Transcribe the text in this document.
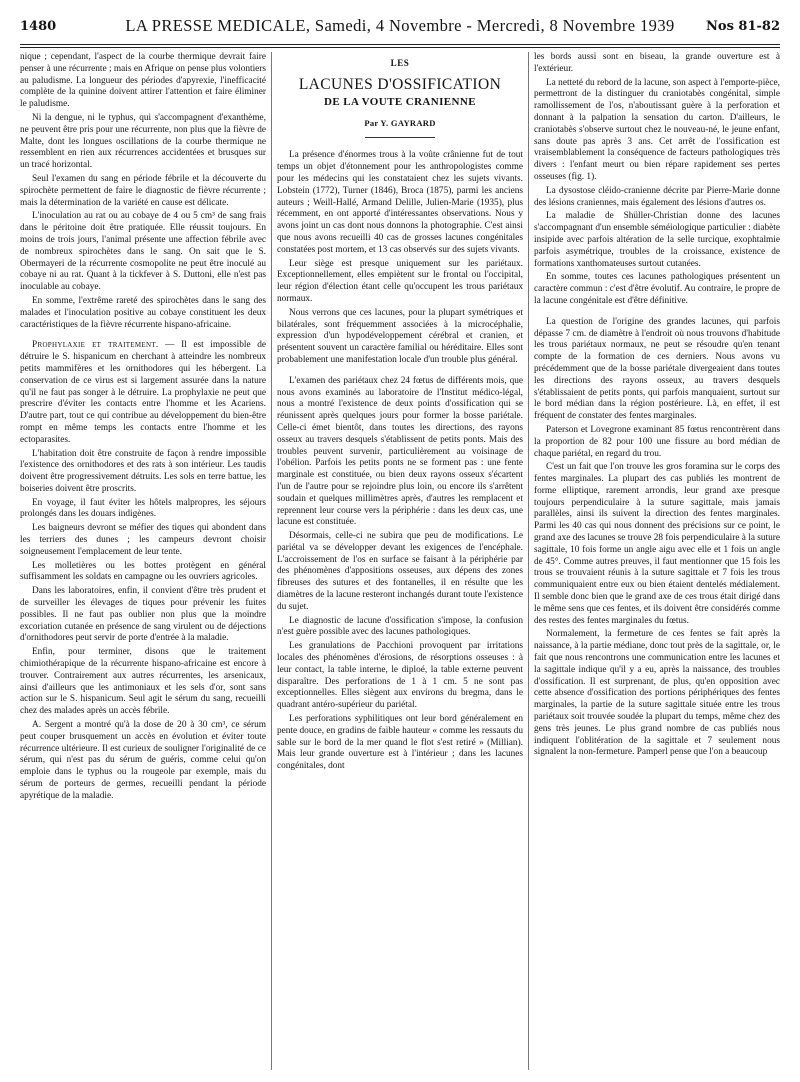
1480	LA PRESSE MEDICALE, Samedi, 4 Novembre - Mercredi, 8 Novembre 1939	Nos 81-82

nique ; cependant, l'aspect de la courbe thermique devrait faire penser à une récurrente ; mais en Afrique on pense plus volontiers au paludisme. La longueur des périodes d'apyrexie, l'inefficacité complète de la quinine doivent attirer l'attention et faire éliminer le paludisme.

Ni la dengue, ni le typhus, qui s'accompagnent d'exanthème, ne peuvent être pris pour une récurrente, non plus que la fièvre de Malte, dont les longues oscillations de la courbe thermique ne ressemblent en rien aux récurrences accidentées et brusques sur un tracé horizontal.

Seul l'examen du sang en période fébrile et la découverte du spirochète permettent de faire le diagnostic de fièvre récurrente ; mais la détermination de la variété en cause est délicate.

L'inoculation au rat ou au cobaye de 4 ou 5 cm³ de sang frais dans le péritoine doit être pratiquée. Elle réussit toujours. En moins de trois jours, l'animal présente une affection fébrile avec de nombreux spirochètes dans le sang. On sait que le S. Obermayeri de la récurrente cosmopolite ne peut être inoculé au cobaye ni au rat. Quant à la tickfever à S. Duttoni, elle n'est pas inoculable au cobaye.

En somme, l'extrême rareté des spirochètes dans le sang des malades et l'inoculation positive au cobaye constituent les deux caractéristiques de la fièvre récurrente hispano-africaine.

Prophylaxie et traitement. — Il est impossible de détruire le S. hispanicum en cherchant à atteindre les nombreux petits mammifères et les ornithodores qui les hébergent. La conservation de ce virus est si largement assurée dans la nature qu'il ne faut pas songer à le détruire. La prophylaxie ne peut que prescrire d'éviter les contacts entre l'homme et les Acariens. D'autre part, tout ce qui contribue au développement du bien-être rompt en même temps les contacts entre l'homme et les ectoparasites.

L'habitation doit être construite de façon à rendre impossible l'existence des ornithodores et des rats à son intérieur. Les taudis doivent être progressivement détruits. Les sols en terre battue, les boiseries doivent être proscrits.

En voyage, il faut éviter les hôtels malpropres, les séjours prolongés dans les douars indigènes.

Les baigneurs devront se méfier des tiques qui abondent dans les terriers des dunes ; les campeurs devront choisir soigneusement l'emplacement de leur tente.

Les molletières ou les bottes protègent en général suffisamment les soldats en campagne ou les ouvriers agricoles.

Dans les laboratoires, enfin, il convient d'être très prudent et de surveiller les élevages de tiques pour prévenir les fuites possibles. Il ne faut pas oublier non plus que la moindre excoriation cutanée en présence de sang virulent ou de déjections d'ornithodores peut servir de porte d'entrée à la maladie.

Enfin, pour terminer, disons que le traitement chimiothérapique de la récurrente hispano-africaine est encore à trouver. Contrairement aux autres récurrentes, les arsenicaux, ainsi d'ailleurs que les antimoniaux et les sels d'or, sont sans action sur le S. hispanicum. Seul agit le sérum du sang, recueilli chez des malades après un accès fébrile.

A. Sergent a montré qu'à la dose de 20 à 30 cm³, ce sérum peut couper brusquement un accès en évolution et éviter toute récurrence ultérieure. Il est curieux de souligner l'originalité de ce sérum, qui n'est pas du sérum de guéris, comme celui qu'on emploie dans le typhus ou la rougeole par exemple, mais du sérum de porteurs de germes, recueilli pendant la période apyrétique de la maladie.

LES
LACUNES D'OSSIFICATION
DE LA VOUTE CRANIENNE
Par Y. GAYRARD

La présence d'énormes trous à la voûte crânienne fut de tout temps un objet d'étonnement pour les anthropologistes comme pour les médecins qui les constataient chez les sujets vivants. Lobstein (1772), Turner (1846), Broca (1875), parmi les anciens auteurs ; Weill-Hallé, Armand Delille, Julien-Marie (1935), plus récemment, en ont apporté d'intéressantes observations. Nous y avons joint un cas dont nous donnons la photographie. C'est ainsi que nous avons recueilli 40 cas de grosses lacunes congénitales constatées post mortem, et 13 cas observés sur des sujets vivants.

Leur siège est presque uniquement sur les pariétaux. Exceptionnellement, elles empiètent sur le frontal ou l'occipital, leur région d'élection étant celle qu'occupent les trous pariétaux normaux.

Nous verrons que ces lacunes, pour la plupart symétriques et bilatérales, sont fréquemment associées à la microcéphalie, expression d'un hypodéveloppement cérébral et cranien, et présentent souvent un caractère familial ou héréditaire. Elles sont probablement une manifestation locale d'un trouble plus général.

L'examen des pariétaux chez 24 fœtus de différents mois, que nous avons examinés au laboratoire de l'Institut médico-légal, nous a montré l'existence de deux points d'ossification qui se réunissent après quelques jours pour former la bosse pariétale. Celle-ci émet bientôt, dans toutes les directions, des rayons osseux au travers desquels s'établissent de petits ponts. Mais des troubles peuvent survenir, particulièrement au voisinage de l'obélion. Parfois les petits ponts ne se forment pas : une fente marginale est constituée, ou bien deux rayons osseux s'écartent l'un de l'autre pour se rejoindre plus loin, ou encore ils s'arrêtent soudain et quelques millimètres après, d'autres les remplacent et reprennent leur course vers la périphérie : dans les deux cas, une lacune est constituée.

Désormais, celle-ci ne subira que peu de modifications. Le pariétal va se développer devant les exigences de l'encéphale. L'accroissement de l'os en surface se faisant à la périphérie par des phénomènes d'appositions osseuses, aux dépens des zones fibreuses des sutures et des fontanelles, il en résulte que les diamètres de la lacune resteront inchangés durant toute l'existence du sujet.

Le diagnostic de lacune d'ossification s'impose, la confusion n'est guère possible avec des lacunes pathologiques.

Les granulations de Pacchioni provoquent par irritations locales des phénomènes d'érosions, de résorptions osseuses : à leur contact, la table interne, le diploé, la table externe peuvent disparaître. Des perforations de 1 à 1 cm. 5 ne sont pas exceptionnelles. Elles siègent aux environs du bregma, dans le quadrant antéro-supérieur du pariétal.

Les perforations syphilitiques ont leur bord généralement en pente douce, en gradins de faible hauteur « comme les ressauts du sable sur le bord de la mer quand le flot s'est retiré » (Millian). Mais leur grande ouverture est à l'intérieur ; dans les lacunes congénitales, dont

les bords aussi sont en biseau, la grande ouverture est à l'extérieur.

La netteté du rebord de la lacune, son aspect à l'emporte-pièce, permettront de la distinguer du craniotabès congénital, simple ramollissement de l'os, n'aboutissant guère à la perforation et donnant à la palpation la sensation du carton. D'ailleurs, le craniotabès s'observe surtout chez le nouveau-né, le jeune enfant, sans doute pas après 3 ans. Cet arrêt de l'ossification est vraisemblablement la conséquence de facteurs pathologiques très divers : l'enfant meurt ou bien répare rapidement ses pertes osseuses (fig. 1).

La dysostose cléido-cranienne décrite par Pierre-Marie donne des lésions craniennes, mais également des lésions d'autres os.

La maladie de Shüller-Christian donne des lacunes s'accompagnant d'un ensemble séméiologique particulier : diabète insipide avec parfois altération de la selle turcique, exophtalmie parfois asymétrique, troubles de la croissance, existence de formations xanthomateuses surtout cutanées.

En somme, toutes ces lacunes pathologiques présentent un caractère commun : c'est d'être évolutif. Au contraire, le propre de la lacune congénitale est d'être définitive.

La question de l'origine des grandes lacunes, qui parfois dépasse 7 cm. de diamètre à l'endroit où nous trouvons d'habitude les trous pariétaux normaux, ne peut se résoudre qu'en tenant compte de la formation de ces derniers. Nous avons vu précédemment que de la bosse pariétale divergeaient dans toutes les directions des rayons osseux, au travers desquels s'établissaient de petits ponts, qui parfois manquaient, surtout sur le bord médian dans la région postérieure. Là, en effet, il est fréquent de constater des fentes marginales.

Paterson et Lovegrone examinant 85 fœtus rencontrèrent dans la proportion de 82 pour 100 une fissure au bord médian de chaque pariétal, en regard du trou.

C'est un fait que l'on trouve les gros foramina sur le corps des fentes marginales. La plupart des cas publiés les montrent de forme elliptique, rarement arrondis, leur grand axe presque toujours perpendiculaire à la suture sagittale, mais jamais parallèles, ainsi ils suivent la direction des fentes marginales. Parmi les 40 cas qui nous donnent des précisions sur ce point, le grand axe des lacunes se trouve 28 fois perpendiculaire à la suture sagittale, 10 fois forme un angle aigu avec elle et 1 fois un angle de 45°. Comme autres preuves, il faut mentionner que 15 fois les trous se trouvaient réunis à la suture sagittale et 7 fois les trous communiquaient entre eux ou bien étaient dentelés médialement. Il semble donc bien que le grand axe de ces trous était dirigé dans le même sens que ces fentes, et ils doivent être considérés comme des restes des fentes marginales du fœtus.

Normalement, la fermeture de ces fentes se fait après la naissance, à la partie médiane, donc tout près de la sagittale, or, le fait que nous rencontrons une communication entre les lacunes et la sagittale indique qu'il y a eu, après la naissance, des troubles d'ossification. Il est surprenant, de plus, qu'en opposition avec cette absence d'ossification des portions périphériques des fentes marginales, la partie de la suture sagittale située entre les trous pariétaux soit trouvée soudée la plupart du temps, même chez des gens très jeunes. Le plus grand nombre de cas publiés nous indiquent l'oblitération de la sagittale et 7 seulement nous signalent la non-fermeture. Pamperl pense que l'on a beaucoup
